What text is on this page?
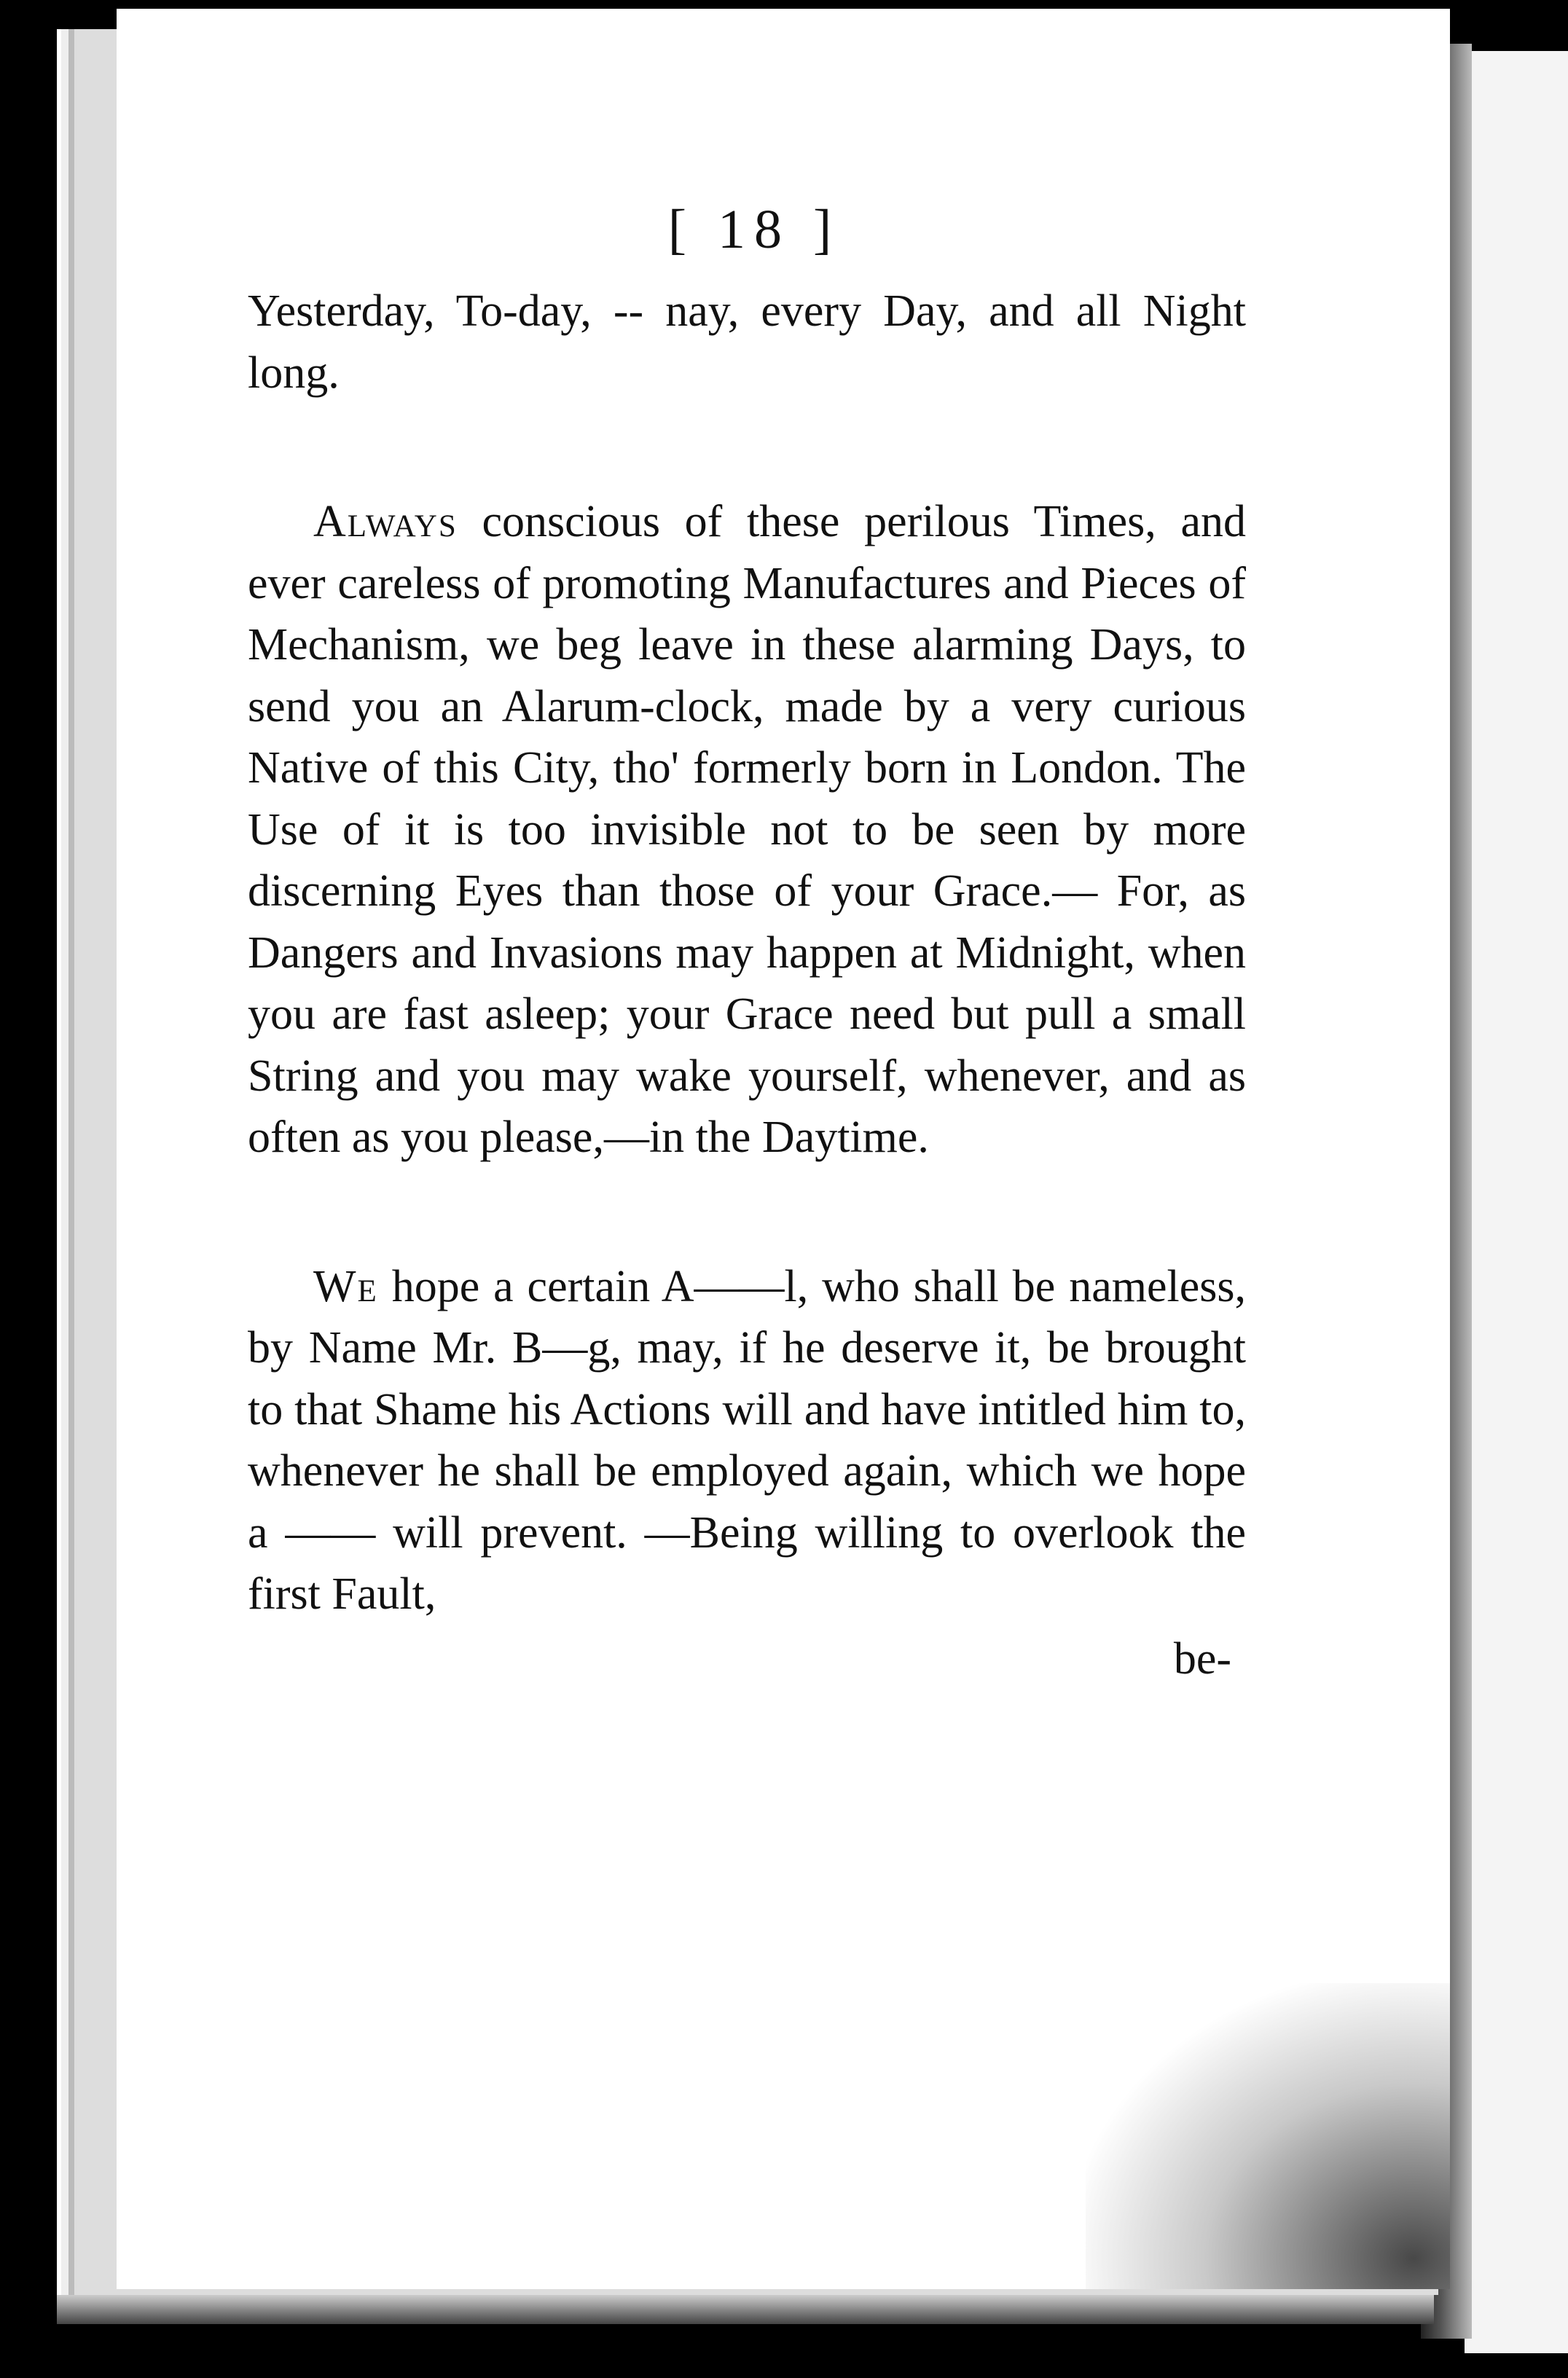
[ 18 ]

Yesterday, To-day, -- nay, every Day, and all Night long.

Always conscious of these perilous Times, and ever careless of promoting Manufactures and Pieces of Mechanism, we beg leave in these alarming Days, to send you an Alarum-clock, made by a very curious Native of this City, tho' formerly born in London. The Use of it is too invisible not to be seen by more discerning Eyes than those of your Grace.— For, as Dangers and Invasions may happen at Midnight, when you are fast asleep; your Grace need but pull a small String and you may wake yourself, whenever, and as often as you please,—in the Daytime.

We hope a certain A——l, who shall be nameless, by Name Mr. B—g, may, if he deserve it, be brought to that Shame his Actions will and have intitled him to, whenever he shall be employed again, which we hope a —— will prevent. —Being willing to overlook the first Fault,

be-
